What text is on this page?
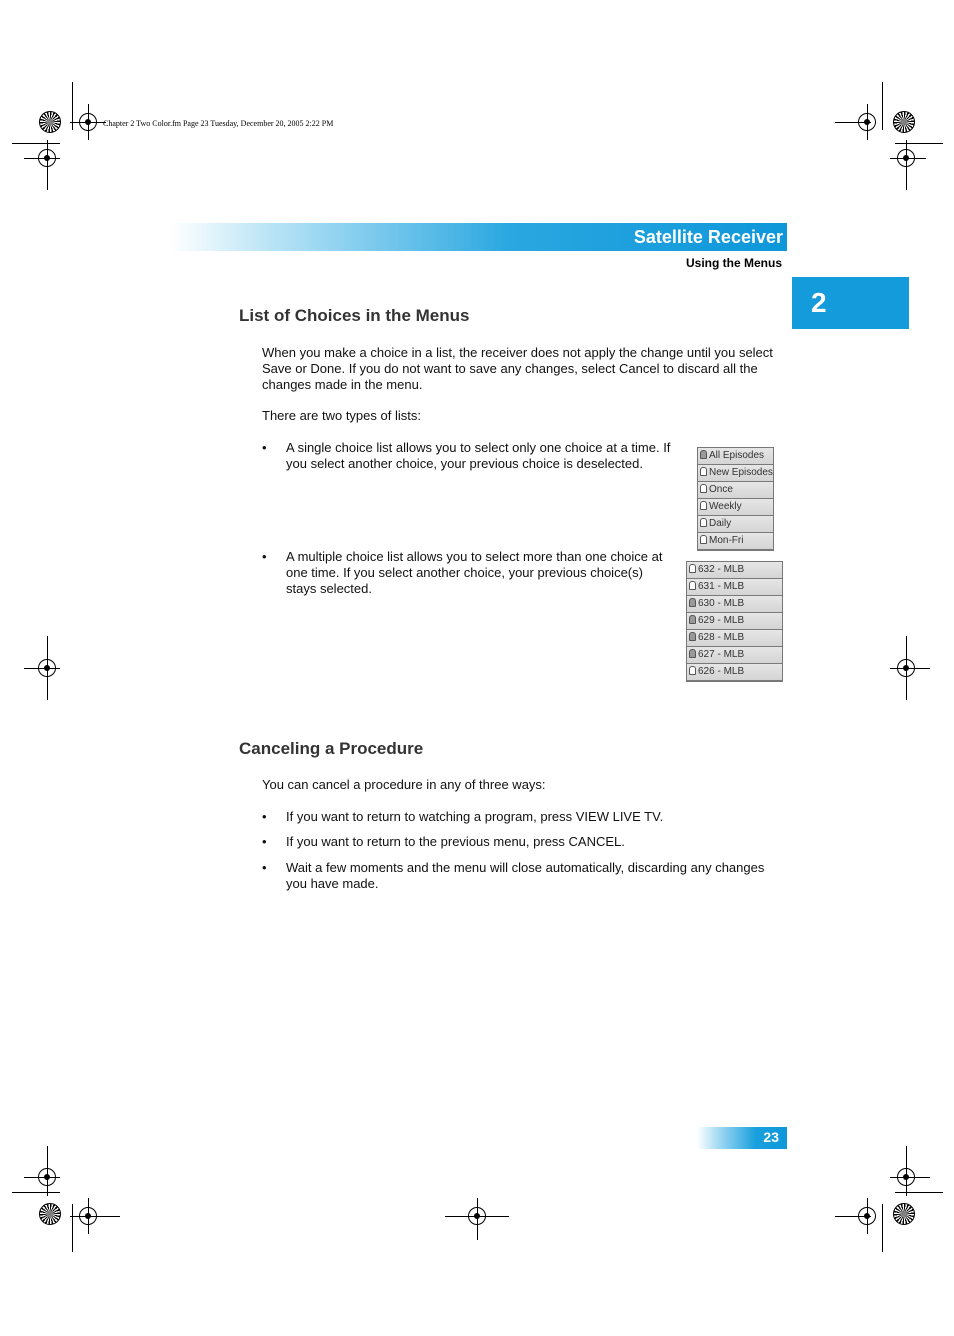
Chapter 2 Two Color.fm Page 23 Tuesday, December 20, 2005 2:22 PM
Satellite Receiver
Using the Menus
2
List of Choices in the Menus
When you make a choice in a list, the receiver does not apply the change until you select Save or Done. If you do not want to save any changes, select Cancel to discard all the changes made in the menu.
There are two types of lists:
• A single choice list allows you to select only one choice at a time. If you select another choice, your previous choice is deselected.
All Episodes
New Episodes
Once
Weekly
Daily
Mon-Fri
• A multiple choice list allows you to select more than one choice at one time. If you select another choice, your previous choice(s) stays selected.
632 - MLB
631 - MLB
630 - MLB
629 - MLB
628 - MLB
627 - MLB
626 - MLB
Canceling a Procedure
You can cancel a procedure in any of three ways:
• If you want to return to watching a program, press VIEW LIVE TV.
• If you want to return to the previous menu, press CANCEL.
• Wait a few moments and the menu will close automatically, discarding any changes you have made.
23
